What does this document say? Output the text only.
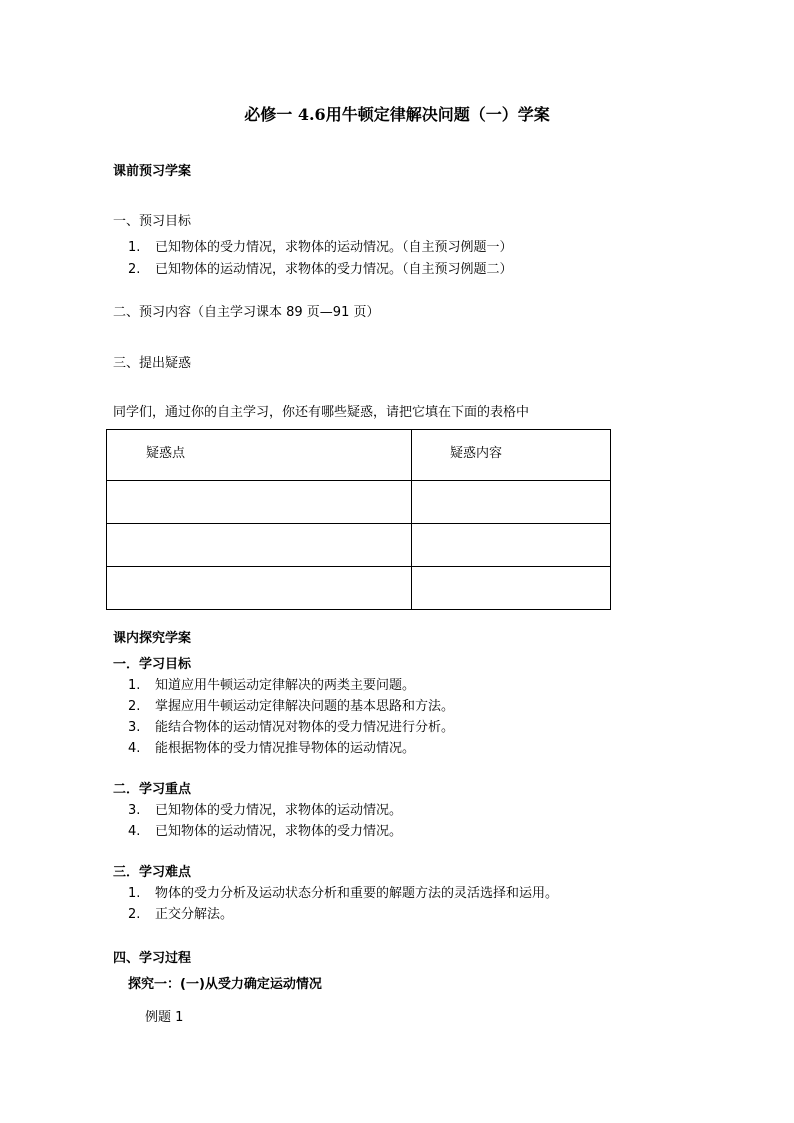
必修一 4.6用牛顿定律解决问题（一）学案
课前预习学案
一、预习目标
1. 已知物体的受力情况，求物体的运动情况。（自主预习例题一）
2. 已知物体的运动情况，求物体的受力情况。（自主预习例题二）
二、预习内容（自主学习课本 89 页—91 页）
三、提出疑惑
同学们，通过你的自主学习，你还有哪些疑惑，请把它填在下面的表格中
疑惑点	疑惑内容

课内探究学案
一．学习目标
1. 知道应用牛顿运动定律解决的两类主要问题。
2. 掌握应用牛顿运动定律解决问题的基本思路和方法。
3. 能结合物体的运动情况对物体的受力情况进行分析。
4. 能根据物体的受力情况推导物体的运动情况。
二．学习重点
3. 已知物体的受力情况，求物体的运动情况。
4. 已知物体的运动情况，求物体的受力情况。
三．学习难点
1. 物体的受力分析及运动状态分析和重要的解题方法的灵活选择和运用。
2. 正交分解法。
四、学习过程
探究一：(一)从受力确定运动情况
例题 1
